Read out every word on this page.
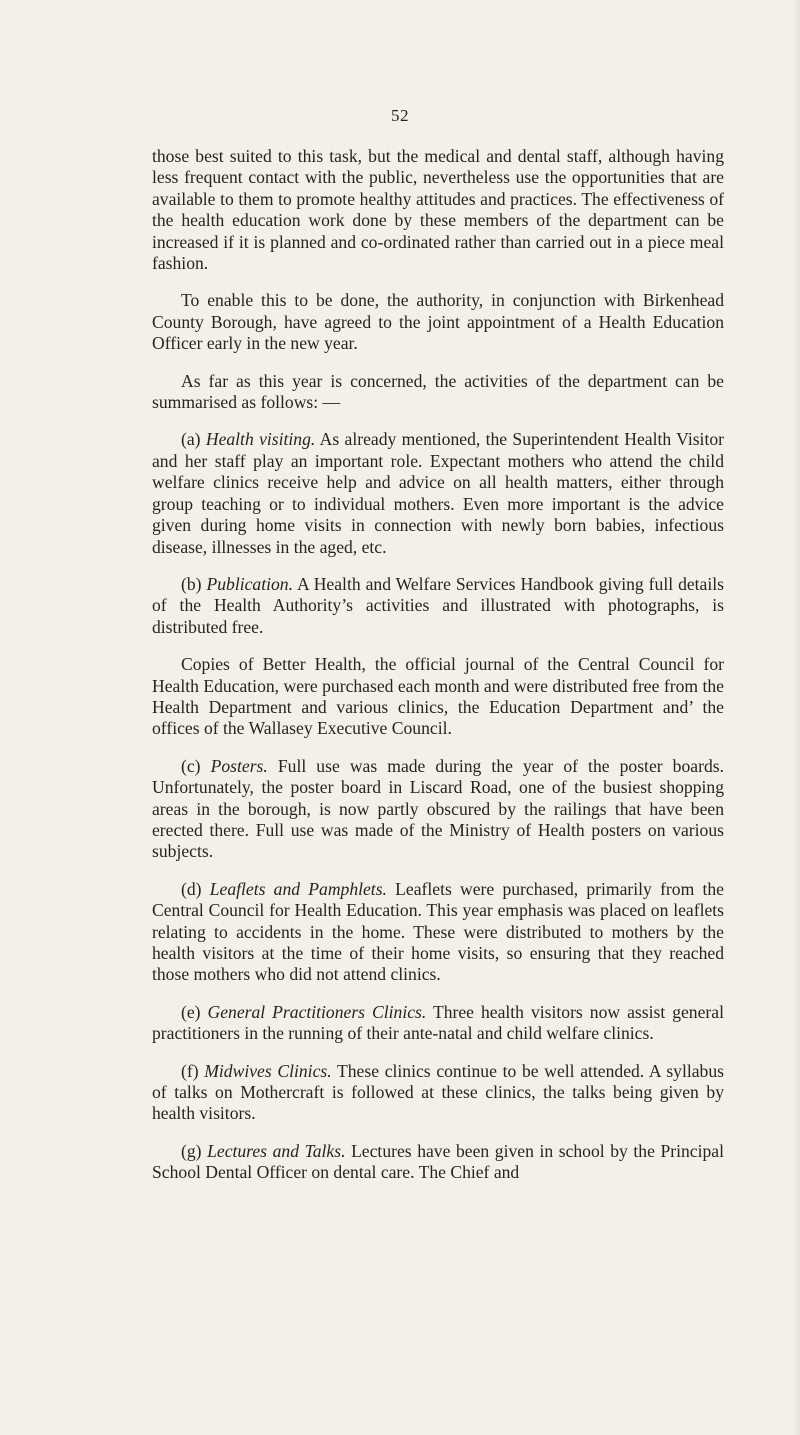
52

those best suited to this task, but the medical and dental staff, although having less frequent contact with the public, nevertheless use the opportunities that are available to them to promote healthy attitudes and practices. The effectiveness of the health education work done by these members of the department can be increased if it is planned and co-ordinated rather than carried out in a piece meal fashion.

To enable this to be done, the authority, in conjunction with Birkenhead County Borough, have agreed to the joint appointment of a Health Education Officer early in the new year.

As far as this year is concerned, the activities of the department can be summarised as follows: —

(a) Health visiting. As already mentioned, the Superintendent Health Visitor and her staff play an important role. Expectant mothers who attend the child welfare clinics receive help and advice on all health matters, either through group teaching or to individual mothers. Even more important is the advice given during home visits in connection with newly born babies, infectious disease, illnesses in the aged, etc.

(b) Publication. A Health and Welfare Services Handbook giving full details of the Health Authority’s activities and illustrated with photographs, is distributed free.

Copies of Better Health, the official journal of the Central Council for Health Education, were purchased each month and were distributed free from the Health Department and various clinics, the Education Department and’ the offices of the Wallasey Executive Council.

(c) Posters. Full use was made during the year of the poster boards. Unfortunately, the poster board in Liscard Road, one of the busiest shopping areas in the borough, is now partly obscured by the railings that have been erected there. Full use was made of the Ministry of Health posters on various subjects.

(d) Leaflets and Pamphlets. Leaflets were purchased, primarily from the Central Council for Health Education. This year emphasis was placed on leaflets relating to accidents in the home. These were distributed to mothers by the health visitors at the time of their home visits, so ensuring that they reached those mothers who did not attend clinics.

(e) General Practitioners Clinics. Three health visitors now assist general practitioners in the running of their ante-natal and child welfare clinics.

(f) Midwives Clinics. These clinics continue to be well attended. A syllabus of talks on Mothercraft is followed at these clinics, the talks being given by health visitors.

(g) Lectures and Talks. Lectures have been given in school by the Principal School Dental Officer on dental care. The Chief and
